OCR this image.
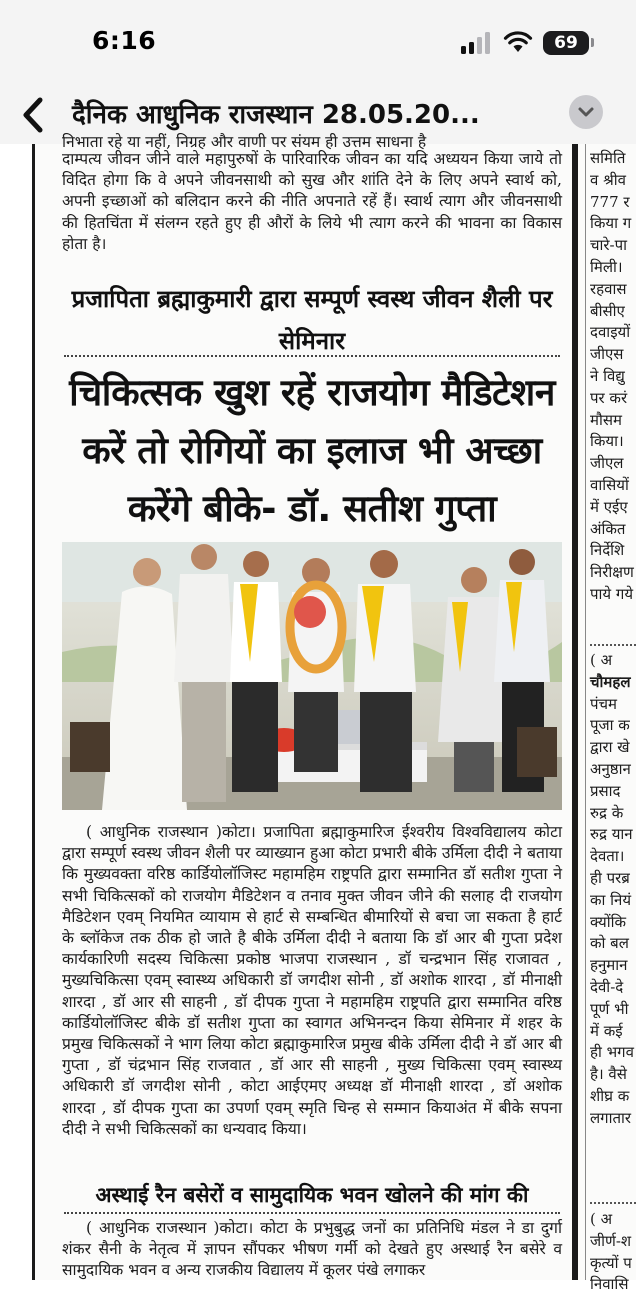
6:16	69
दैनिक आधुनिक राजस्थान 28.05.20...
निभाता रहे या नहीं, निग्रह और वाणी पर संयम ही उत्तम साधना है

दाम्पत्य जीवन जीने वाले महापुरुषों के पारिवारिक जीवन का यदि अध्ययन किया जाये तो विदित होगा कि वे अपने जीवनसाथी को सुख और शांति देने के लिए अपने स्वार्थ को, अपनी इच्छाओं को बलिदान करने की नीति अपनाते रहें हैं। स्वार्थ त्याग और जीवनसाथी की हितचिंता में संलग्न रहते हुए ही औरों के लिये भी त्याग करने की भावना का विकास होता है।

प्रजापिता ब्रह्माकुमारी द्वारा सम्पूर्ण स्वस्थ जीवन शैली पर सेमिनार
चिकित्सक खुश रहें राजयोग मैडिटेशन करें तो रोगियों का इलाज भी अच्छा करेंगे बीके- डॉ. सतीश गुप्ता

( आधुनिक राजस्थान )कोटा। प्रजापिता ब्रह्माकुमारिज ईश्वरीय विश्वविद्यालय कोटा द्वारा सम्पूर्ण स्वस्थ जीवन शैली पर व्याख्यान हुआ कोटा प्रभारी बीके उर्मिला दीदी ने बताया कि मुख्यवक्ता वरिष्ठ कार्डियोलॉजिस्ट महामहिम राष्ट्रपति द्वारा सम्मानित डॉ सतीश गुप्ता ने सभी चिकित्सकों को राजयोग मैडिटेशन व तनाव मुक्त जीवन जीने की सलाह दी राजयोग मैडिटेशन एवम् नियमित व्यायाम से हार्ट से सम्बन्धित बीमारियों से बचा जा सकता है हार्ट के ब्लॉकेज तक ठीक हो जाते है बीके उर्मिला दीदी ने बताया कि डॉ आर बी गुप्ता प्रदेश कार्यकारिणी सदस्य चिकित्सा प्रकोष्ठ भाजपा राजस्थान , डॉ चन्द्रभान सिंह राजावत , मुख्यचिकित्सा एवम् स्वास्थ्य अधिकारी डॉ जगदीश सोनी , डॉ अशोक शारदा , डॉ मीनाक्षी शारदा , डॉ आर सी साहनी , डॉ दीपक गुप्ता ने महामहिम राष्ट्रपति द्वारा सम्मानित वरिष्ठ कार्डियोलॉजिस्ट बीके डॉ सतीश गुप्ता का स्वागत अभिनन्दन किया सेमिनार में शहर के प्रमुख चिकित्सकों ने भाग लिया कोटा ब्रह्माकुमारिज प्रमुख बीके उर्मिला दीदी ने डॉ आर बी गुप्ता , डॉ चंद्रभान सिंह राजवात , डॉ आर सी साहनी , मुख्य चिकित्सा एवम् स्वास्थ्य अधिकारी डॉ जगदीश सोनी , कोटा आईएमए अध्यक्ष डॉ मीनाक्षी शारदा , डॉ अशोक शारदा , डॉ दीपक गुप्ता का उपर्णा एवम् स्मृति चिन्ह से सम्मान कियाअंत में बीके सपना दीदी ने सभी चिकित्सकों का धन्यवाद किया।

अस्थाई रैन बसेरों व सामुदायिक भवन खोलने की मांग की

( आधुनिक राजस्थान )कोटा। कोटा के प्रभुबुद्ध जनों का प्रतिनिधि मंडल ने डा दुर्गा शंकर सैनी के नेतृत्व में ज्ञापन सौंपकर भीषण गर्मी को देखते हुए अस्थाई रैन बसेरे व सामुदायिक भवन व अन्य राजकीय विद्यालय में कूलर पंखे लगाकर

समिति
व श्रीव
777 र
किया ग
चारे-पा
मिली।
रहवास
बीसीए
दवाइयों
जीएस
ने विद्यु
पर करं
मौसम
किया।
जीएल
वासियों
में एईए
अंकित
निर्देशि
निरीक्षण
पाये गये
( अ
चौमहल
पंचम
पूजा क
द्वारा खे
अनुष्ठान
प्रसाद
रुद्र के
रुद्र यान
देवता।
ही परब्र
का नियं
क्योंकि
को बल
हनुमान
देवी-दे
पूर्ण भी
में कई
ही भगव
है। वैसे
शीघ्र क
लगातार
( अ
जीर्ण-श
कृत्यों प
निवासि
